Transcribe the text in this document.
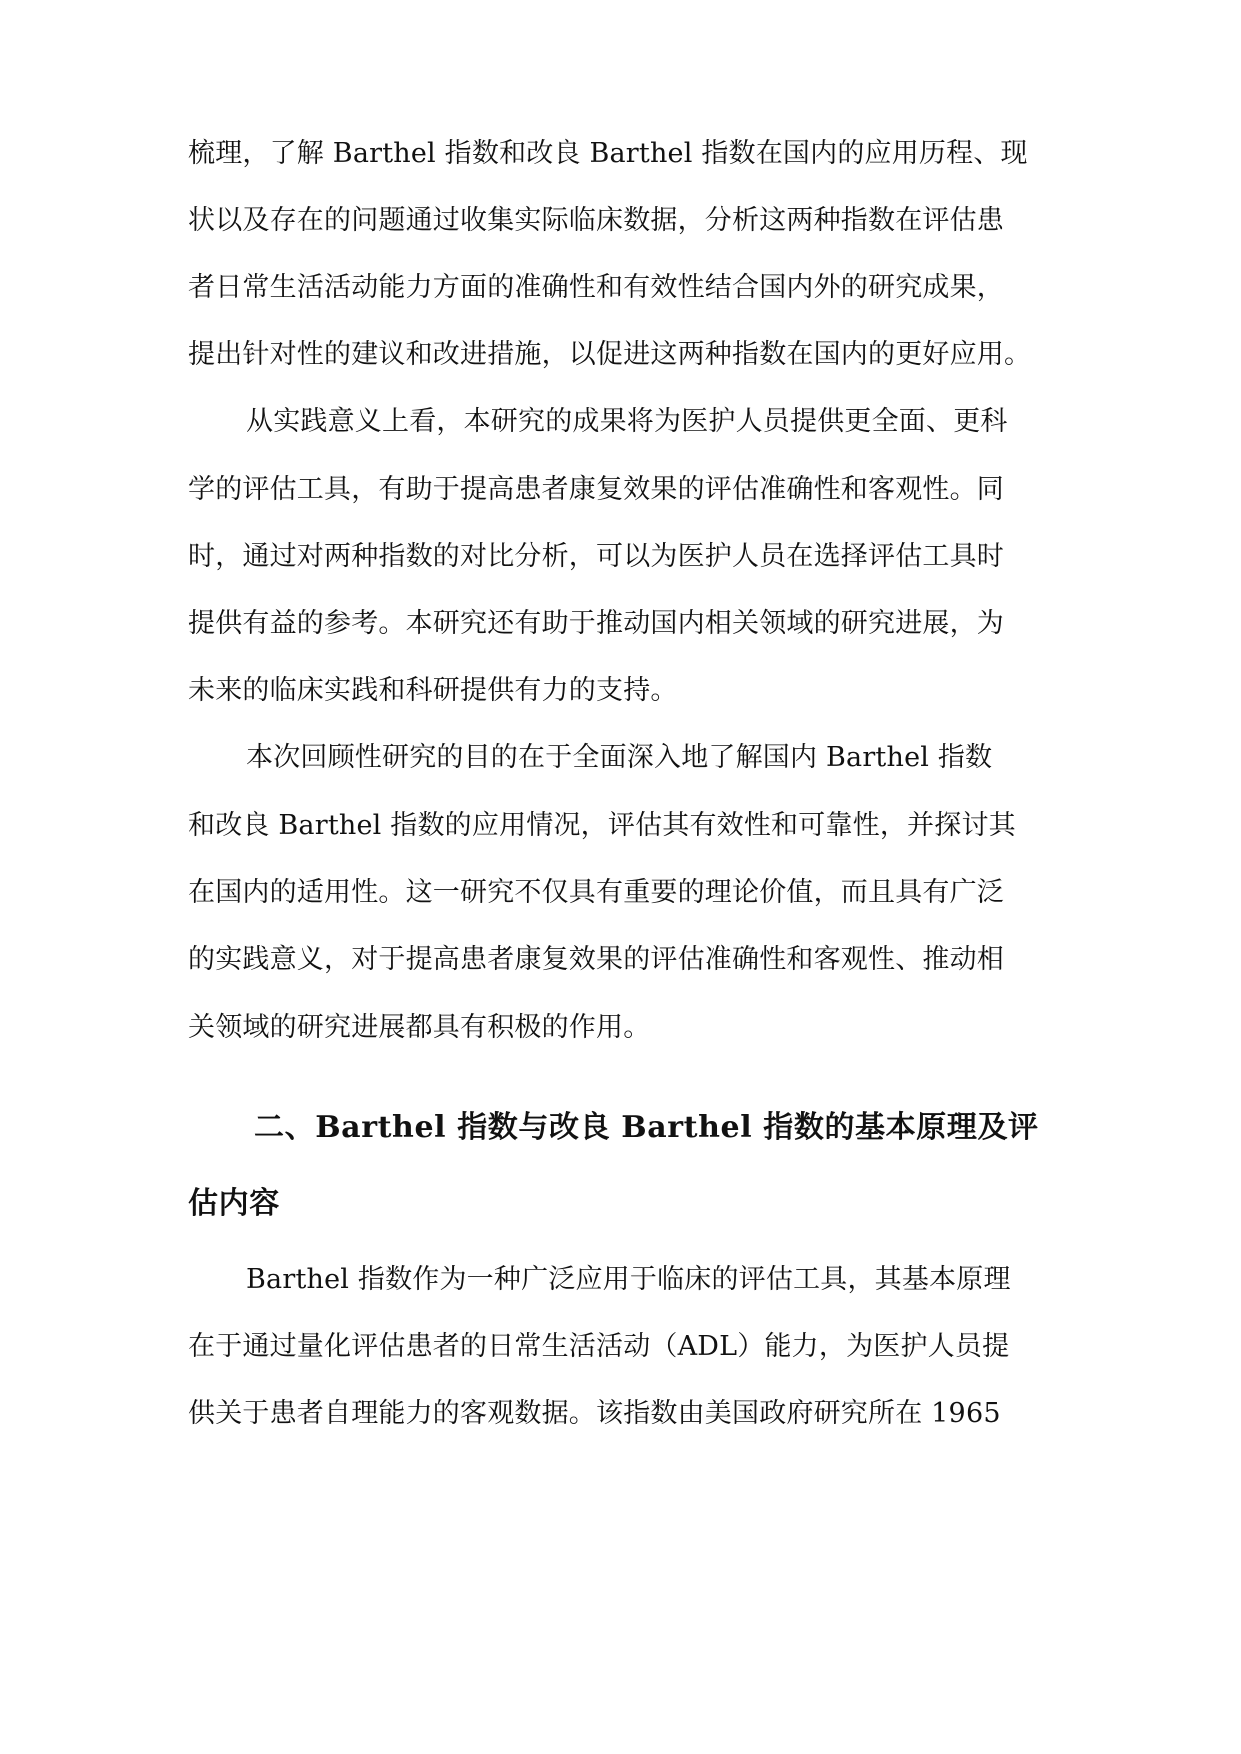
梳理，了解 Barthel 指数和改良 Barthel 指数在国内的应用历程、现
状以及存在的问题通过收集实际临床数据，分析这两种指数在评估患
者日常生活活动能力方面的准确性和有效性结合国内外的研究成果，
提出针对性的建议和改进措施，以促进这两种指数在国内的更好应用。
从实践意义上看，本研究的成果将为医护人员提供更全面、更科
学的评估工具，有助于提高患者康复效果的评估准确性和客观性。同
时，通过对两种指数的对比分析，可以为医护人员在选择评估工具时
提供有益的参考。本研究还有助于推动国内相关领域的研究进展，为
未来的临床实践和科研提供有力的支持。
本次回顾性研究的目的在于全面深入地了解国内 Barthel 指数
和改良 Barthel 指数的应用情况，评估其有效性和可靠性，并探讨其
在国内的适用性。这一研究不仅具有重要的理论价值，而且具有广泛
的实践意义，对于提高患者康复效果的评估准确性和客观性、推动相
关领域的研究进展都具有积极的作用。
二、Barthel 指数与改良 Barthel 指数的基本原理及评
估内容
Barthel 指数作为一种广泛应用于临床的评估工具，其基本原理
在于通过量化评估患者的日常生活活动（ADL）能力，为医护人员提
供关于患者自理能力的客观数据。该指数由美国政府研究所在 1965
